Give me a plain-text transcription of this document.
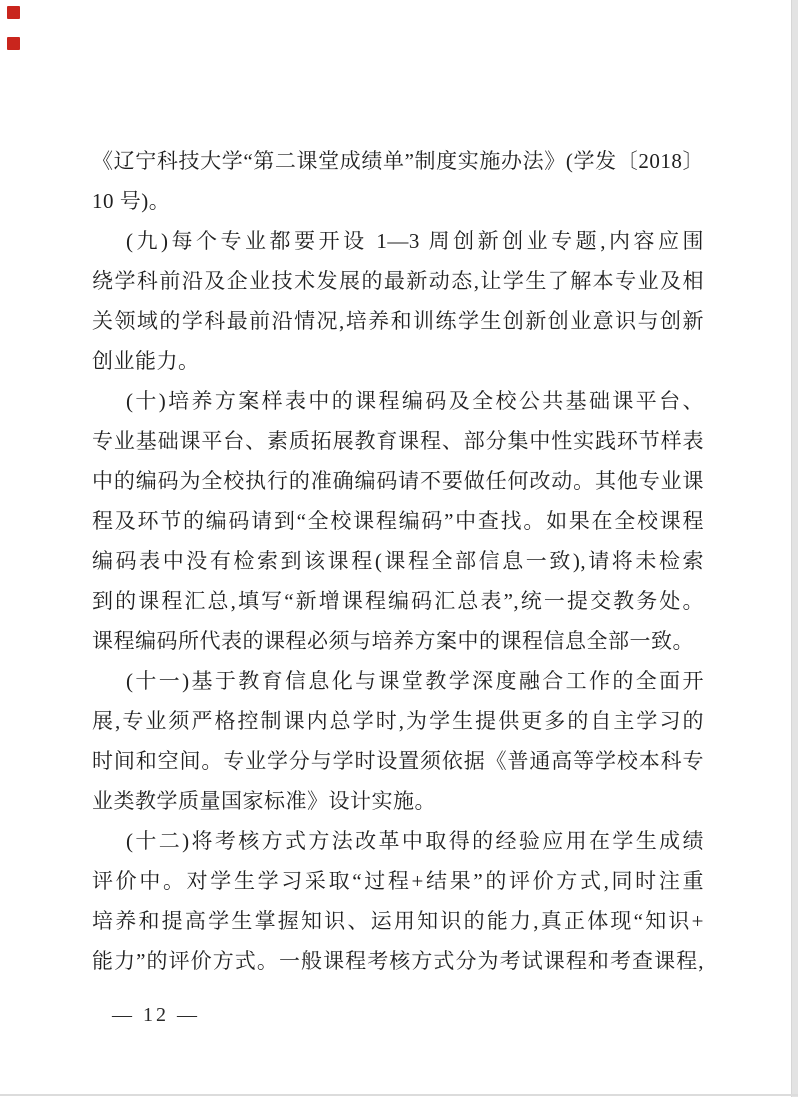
《辽宁科技大学“第二课堂成绩单”制度实施办法》(学发〔2018〕
10 号)。
(九)每个专业都要开设 1—3 周创新创业专题,内容应围
绕学科前沿及企业技术发展的最新动态,让学生了解本专业及相
关领域的学科最前沿情况,培养和训练学生创新创业意识与创新
创业能力。
(十)培养方案样表中的课程编码及全校公共基础课平台、
专业基础课平台、素质拓展教育课程、部分集中性实践环节样表
中的编码为全校执行的准确编码请不要做任何改动。其他专业课
程及环节的编码请到“全校课程编码”中查找。如果在全校课程
编码表中没有检索到该课程(课程全部信息一致),请将未检索
到的课程汇总,填写“新增课程编码汇总表”,统一提交教务处。
课程编码所代表的课程必须与培养方案中的课程信息全部一致。
(十一)基于教育信息化与课堂教学深度融合工作的全面开
展,专业须严格控制课内总学时,为学生提供更多的自主学习的
时间和空间。专业学分与学时设置须依据《普通高等学校本科专
业类教学质量国家标准》设计实施。
(十二)将考核方式方法改革中取得的经验应用在学生成绩
评价中。对学生学习采取“过程+结果”的评价方式,同时注重
培养和提高学生掌握知识、运用知识的能力,真正体现“知识+
能力”的评价方式。一般课程考核方式分为考试课程和考查课程,
— 12 —
